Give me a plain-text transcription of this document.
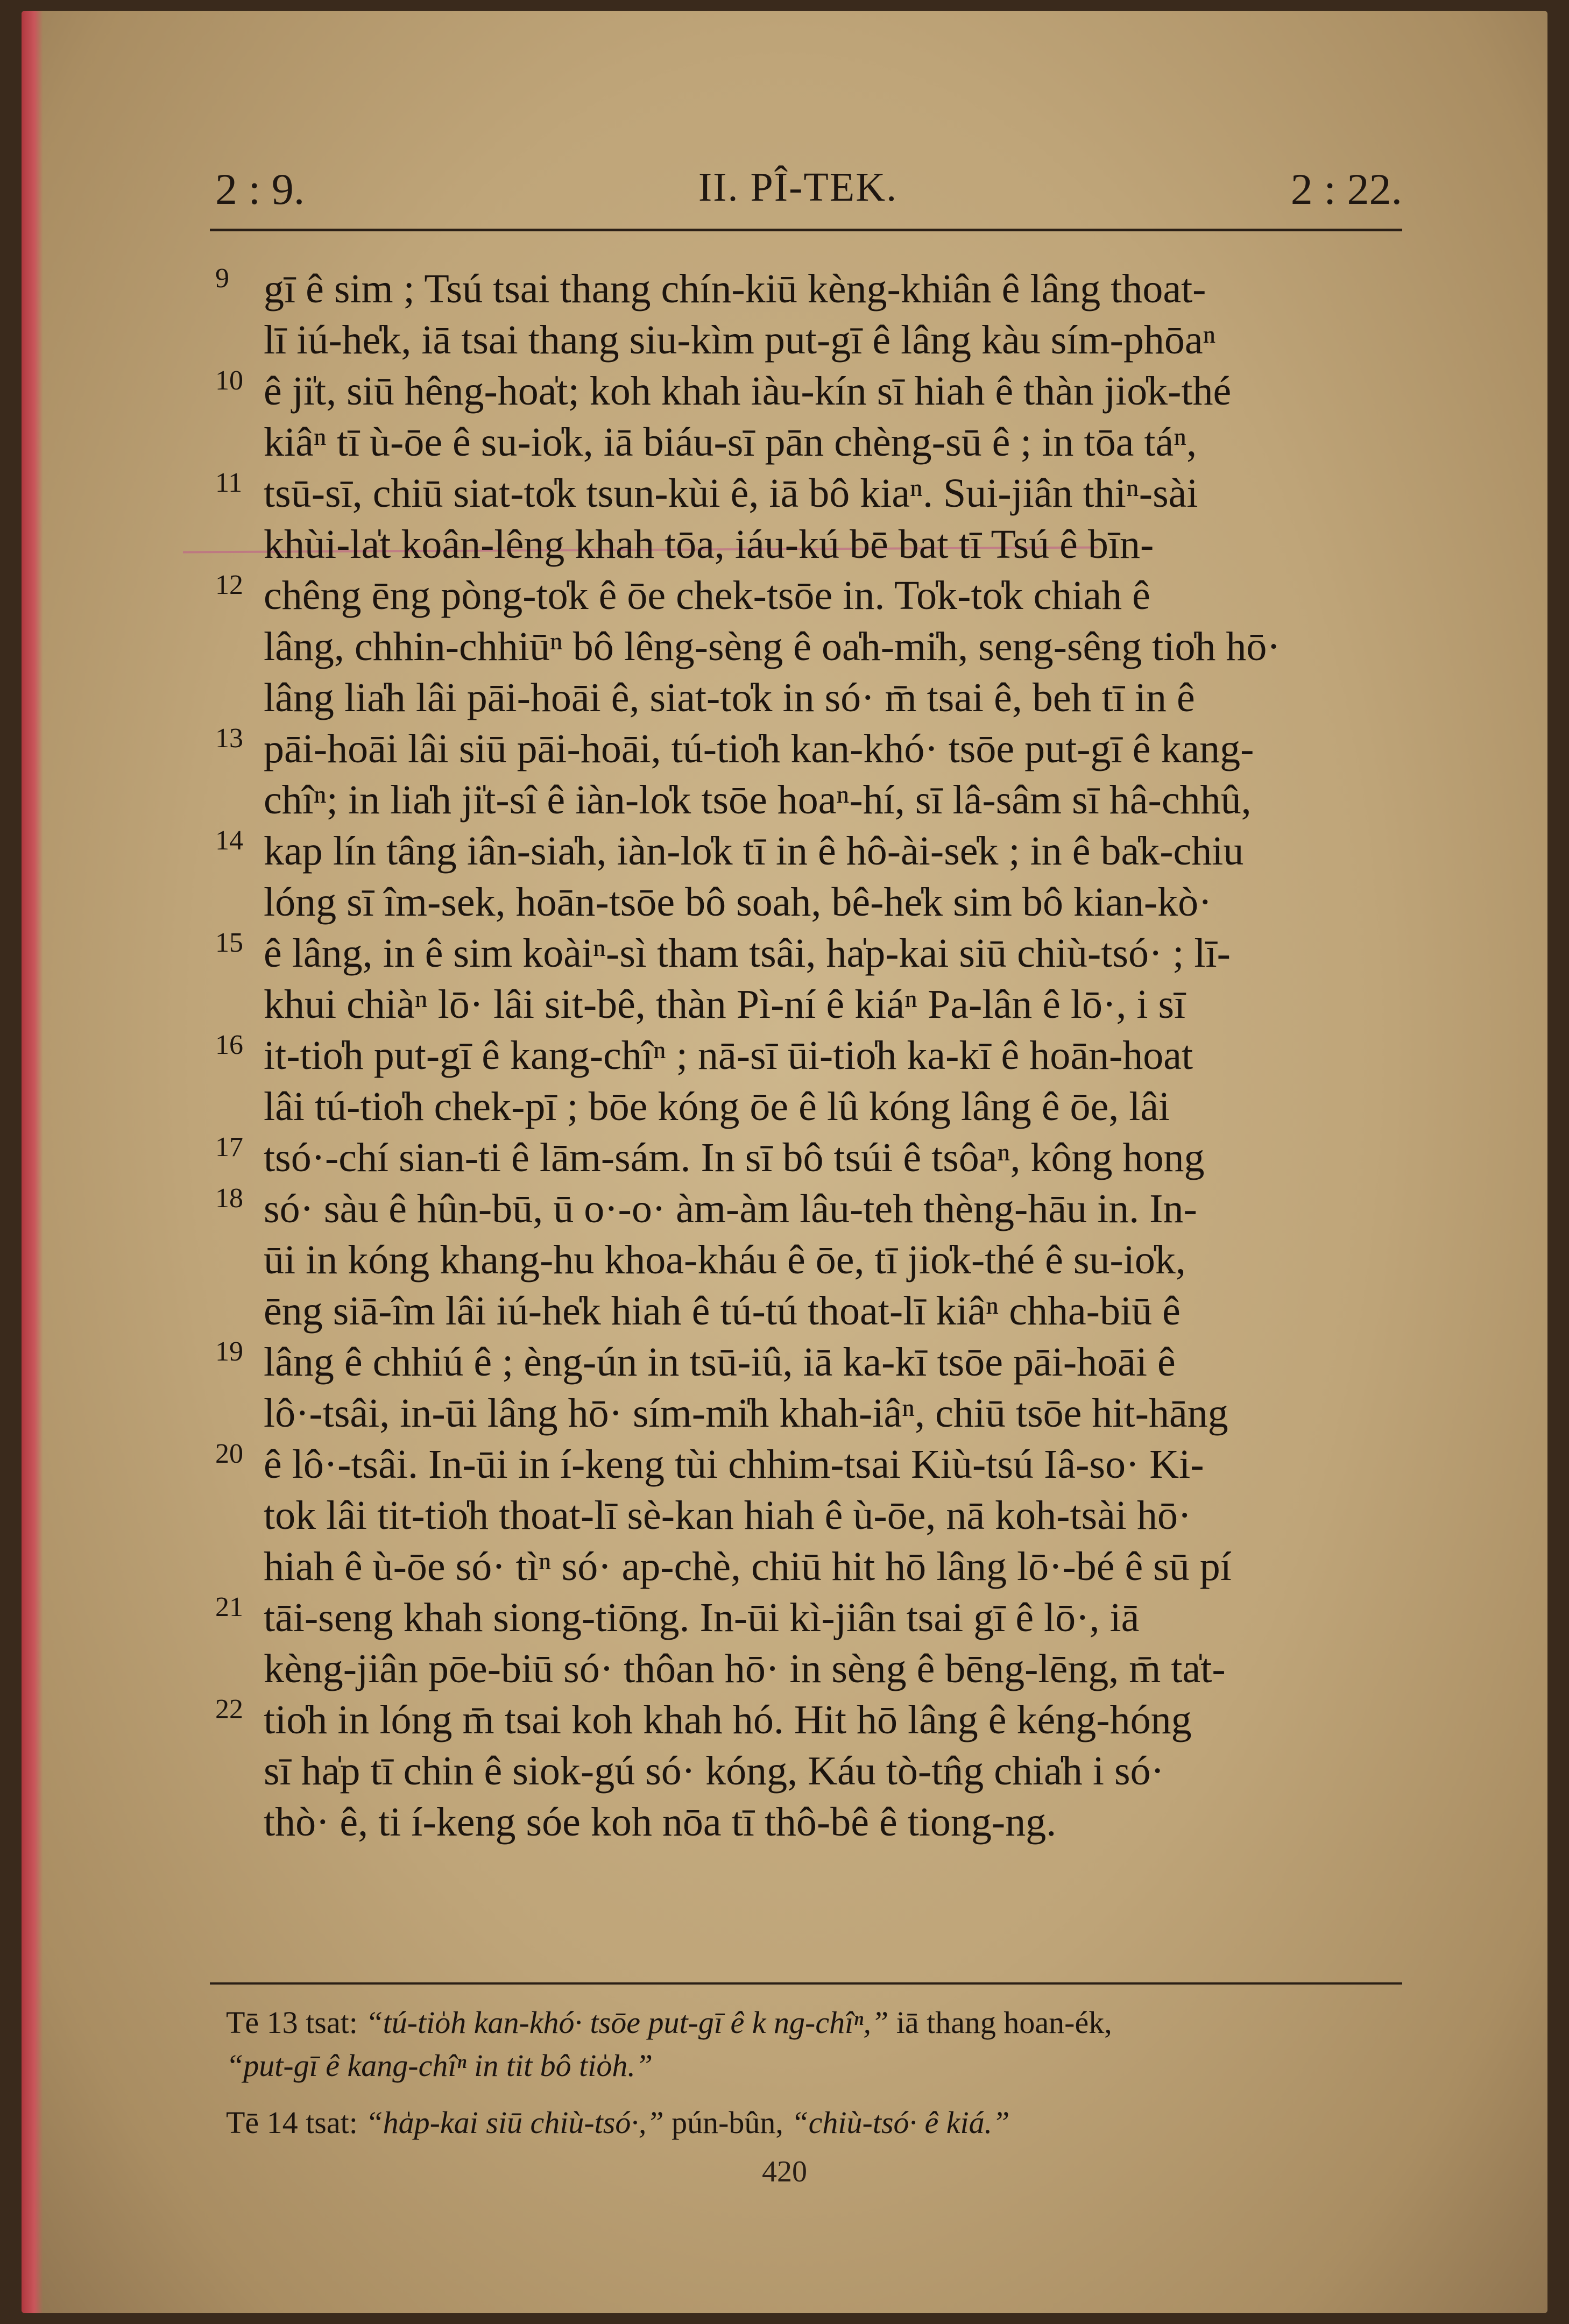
2 : 9.	II. PÎ-TEK.	2 : 22.
9 gī ê sim ; Tsú tsai thang chín-kiū kèng-khiân ê lâng thoat-
lī iú-he̍k, iā tsai thang siu-kìm put-gī ê lâng kàu sím-phōaⁿ
10 ê ji̍t, siū hêng-hoa̍t; koh khah iàu-kín sī hiah ê thàn jio̍k-thé
kiâⁿ tī ù-ōe ê su-io̍k, iā biáu-sī pān chèng-sū ê ; in tōa táⁿ,
11 tsū-sī, chiū siat-to̍k tsun-kùi ê, iā bô kiaⁿ. Sui-jiân thiⁿ-sài
khùi-la̍t koân-lêng khah tōa, iáu-kú bē bat tī Tsú ê bīn-
12 chêng ēng pòng-to̍k ê ōe chek-tsōe in. To̍k-to̍k chiah ê
lâng, chhin-chhiūⁿ bô lêng-sèng ê oa̍h-mi̍h, seng-sêng tio̍h hō·
lâng lia̍h lâi pāi-hoāi ê, siat-to̍k in só· m̄ tsai ê, beh tī in ê
13 pāi-hoāi lâi siū pāi-hoāi, tú-tio̍h kan-khó· tsōe put-gī ê kang-
chîⁿ; in lia̍h ji̍t-sî ê iàn-lo̍k tsōe hoaⁿ-hí, sī lâ-sâm sī hâ-chhû,
14 kap lín tâng iân-sia̍h, iàn-lo̍k tī in ê hô-ài-se̍k ; in ê ba̍k-chiu
lóng sī îm-sek, hoān-tsōe bô soah, bê-he̍k sim bô kian-kò·
15 ê lâng, in ê sim koàiⁿ-sì tham tsâi, ha̍p-kai siū chiù-tsó· ; lī-
khui chiàⁿ lō· lâi sit-bê, thàn Pì-ní ê kiáⁿ Pa-lân ê lō·, i sī
16 it-tio̍h put-gī ê kang-chîⁿ ; nā-sī ūi-tio̍h ka-kī ê hoān-hoat
lâi tú-tio̍h chek-pī ; bōe kóng ōe ê lû kóng lâng ê ōe, lâi
17 tsó·-chí sian-ti ê lām-sám. In sī bô tsúi ê tsôaⁿ, kông hong
18 só· sàu ê hûn-bū, ū o·-o· àm-àm lâu-teh thèng-hāu in. In-
ūi in kóng khang-hu khoa-kháu ê ōe, tī jio̍k-thé ê su-io̍k,
ēng siā-îm lâi iú-he̍k hiah ê tú-tú thoat-lī kiâⁿ chha-biū ê
19 lâng ê chhiú ê ; èng-ún in tsū-iû, iā ka-kī tsōe pāi-hoāi ê
lô·-tsâi, in-ūi lâng hō· sím-mi̍h khah-iâⁿ, chiū tsōe hit-hāng
20 ê lô·-tsâi. In-ūi in í-keng tùi chhim-tsai Kiù-tsú Iâ-so· Ki-
tok lâi tit-tio̍h thoat-lī sè-kan hiah ê ù-ōe, nā koh-tsài hō·
hiah ê ù-ōe só· tìⁿ só· ap-chè, chiū hit hō lâng lō·-bé ê sū pí
21 tāi-seng khah siong-tiōng. In-ūi kì-jiân tsai gī ê lō·, iā
kèng-jiân pōe-biū só· thôan hō· in sèng ê bēng-lēng, m̄ ta̍t-
22 tio̍h in lóng m̄ tsai koh khah hó. Hit hō lâng ê kéng-hóng
sī ha̍p tī chin ê siok-gú só· kóng, Káu tò-tn̂g chia̍h i só·
thò· ê, ti í-keng sóe koh nōa tī thô-bê ê tiong-ng.
Tē 13 tsat: “tú-tio̍h kan-khó· tsōe put-gī ê k ng-chîⁿ,” iā thang hoan-ék,
“put-gī ê kang-chîⁿ in tit bô tio̍h.”
Tē 14 tsat: “ha̍p-kai siū chiù-tsó·,” pún-bûn, “chiù-tsó· ê kiá.”
420
